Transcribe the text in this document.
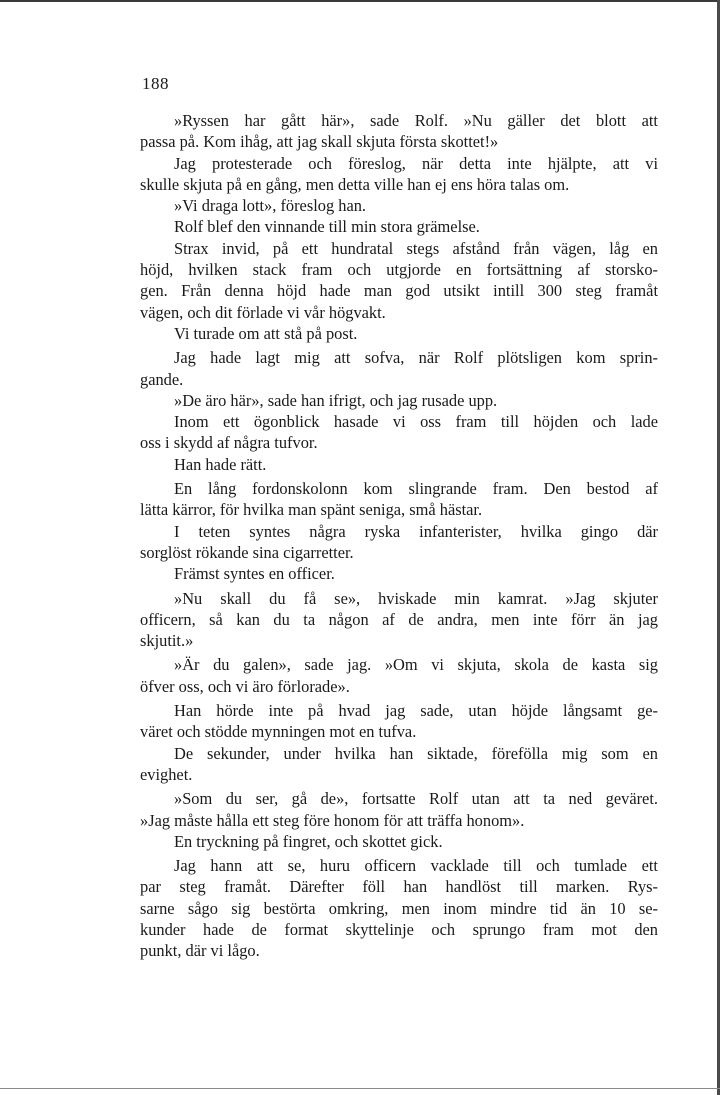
188
»Ryssen har gått här», sade Rolf. »Nu gäller det blott att
passa på. Kom ihåg, att jag skall skjuta första skottet!»
Jag protesterade och föreslog, när detta inte hjälpte, att vi
skulle skjuta på en gång, men detta ville han ej ens höra talas om.
»Vi draga lott», föreslog han.
Rolf blef den vinnande till min stora grämelse.
Strax invid, på ett hundratal stegs afstånd från vägen, låg en
höjd, hvilken stack fram och utgjorde en fortsättning af storsko-
gen. Från denna höjd hade man god utsikt intill 300 steg framåt
vägen, och dit förlade vi vår högvakt.
Vi turade om att stå på post.
Jag hade lagt mig att sofva, när Rolf plötsligen kom sprin-
gande.
»De äro här», sade han ifrigt, och jag rusade upp.
Inom ett ögonblick hasade vi oss fram till höjden och lade
oss i skydd af några tufvor.
Han hade rätt.
En lång fordonskolonn kom slingrande fram. Den bestod af
lätta kärror, för hvilka man spänt seniga, små hästar.
I teten syntes några ryska infanterister, hvilka gingo där
sorglöst rökande sina cigarretter.
Främst syntes en officer.
»Nu skall du få se», hviskade min kamrat. »Jag skjuter
officern, så kan du ta någon af de andra, men inte förr än jag
skjutit.»
»Är du galen», sade jag. »Om vi skjuta, skola de kasta sig
öfver oss, och vi äro förlorade».
Han hörde inte på hvad jag sade, utan höjde långsamt ge-
väret och stödde mynningen mot en tufva.
De sekunder, under hvilka han siktade, förefölla mig som en
evighet.
»Som du ser, gå de», fortsatte Rolf utan att ta ned geväret.
»Jag måste hålla ett steg före honom för att träffa honom».
En tryckning på fingret, och skottet gick.
Jag hann att se, huru officern vacklade till och tumlade ett
par steg framåt. Därefter föll han handlöst till marken. Rys-
sarne sågo sig bestörta omkring, men inom mindre tid än 10 se-
kunder hade de format skyttelinje och sprungo fram mot den
punkt, där vi lågo.
